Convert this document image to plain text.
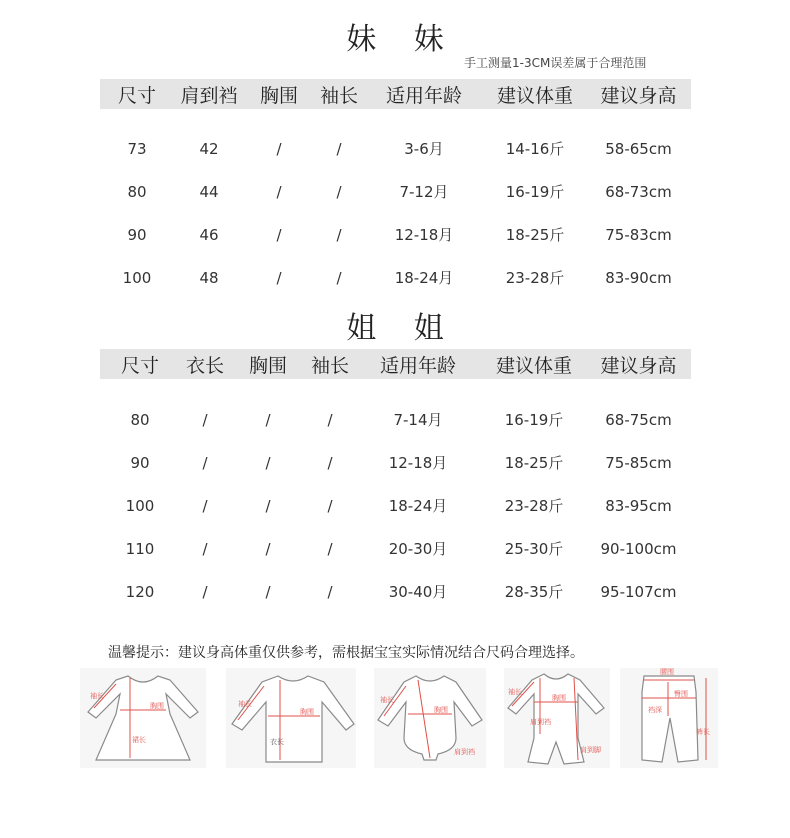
妹 妹
手工测量1-3CM误差属于合理范围
尺寸	肩到裆	胸围	袖长	适用年龄	建议体重	建议身高
73	42	/	/	3-6月	14-16斤	58-65cm
80	44	/	/	7-12月	16-19斤	68-73cm
90	46	/	/	12-18月	18-25斤	75-83cm
100	48	/	/	18-24月	23-28斤	83-90cm
姐 姐
尺寸	衣长	胸围	袖长	适用年龄	建议体重	建议身高
80	/	/	/	7-14月	16-19斤	68-75cm
90	/	/	/	12-18月	18-25斤	75-85cm
100	/	/	/	18-24月	23-28斤	83-95cm
110	/	/	/	20-30月	25-30斤	90-100cm
120	/	/	/	30-40月	28-35斤	95-107cm
温馨提示：建议身高体重仅供参考，需根据宝宝实际情况结合尺码合理选择。
袖长
胸围
裙长
袖长
胸围
衣长
袖长
胸围
肩到裆
袖长
胸围
肩到裆
肩到脚
腰围
臀围
裤长
裆深
